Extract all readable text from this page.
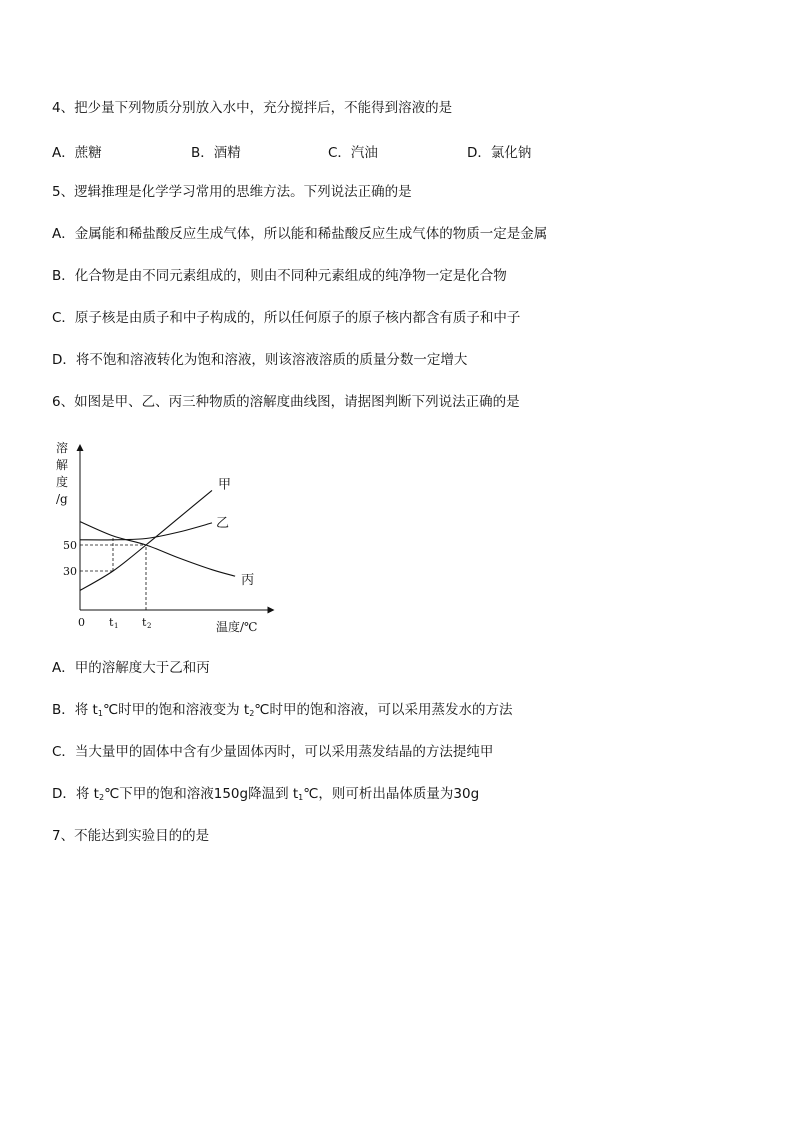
4、把少量下列物质分别放入水中，充分搅拌后，不能得到溶液的是
A．蔗糖	B．酒精	C．汽油	D．氯化钠
5、逻辑推理是化学学习常用的思维方法。下列说法正确的是
A．金属能和稀盐酸反应生成气体，所以能和稀盐酸反应生成气体的物质一定是金属
B．化合物是由不同元素组成的，则由不同种元素组成的纯净物一定是化合物
C．原子核是由质子和中子构成的，所以任何原子的原子核内都含有质子和中子
D．将不饱和溶液转化为饱和溶液，则该溶液溶质的质量分数一定增大
6、如图是甲、乙、丙三种物质的溶解度曲线图，请据图判断下列说法正确的是
甲
乙
丙
30
50
0 t 1 t 2
溶
解
度
/g
温度/℃
A．甲的溶解度大于乙和丙
B．将 $t_1℃$时甲的饱和溶液变为 $t_2℃$时甲的饱和溶液，可以采用蒸发水的方法
C．当大量甲的固体中含有少量固体丙时，可以采用蒸发结晶的方法提纯甲
D．将 $t_2℃$下甲的饱和溶液150g降温到 $t_1℃$，则可析出晶体质量为30g
7、不能达到实验目的的是
